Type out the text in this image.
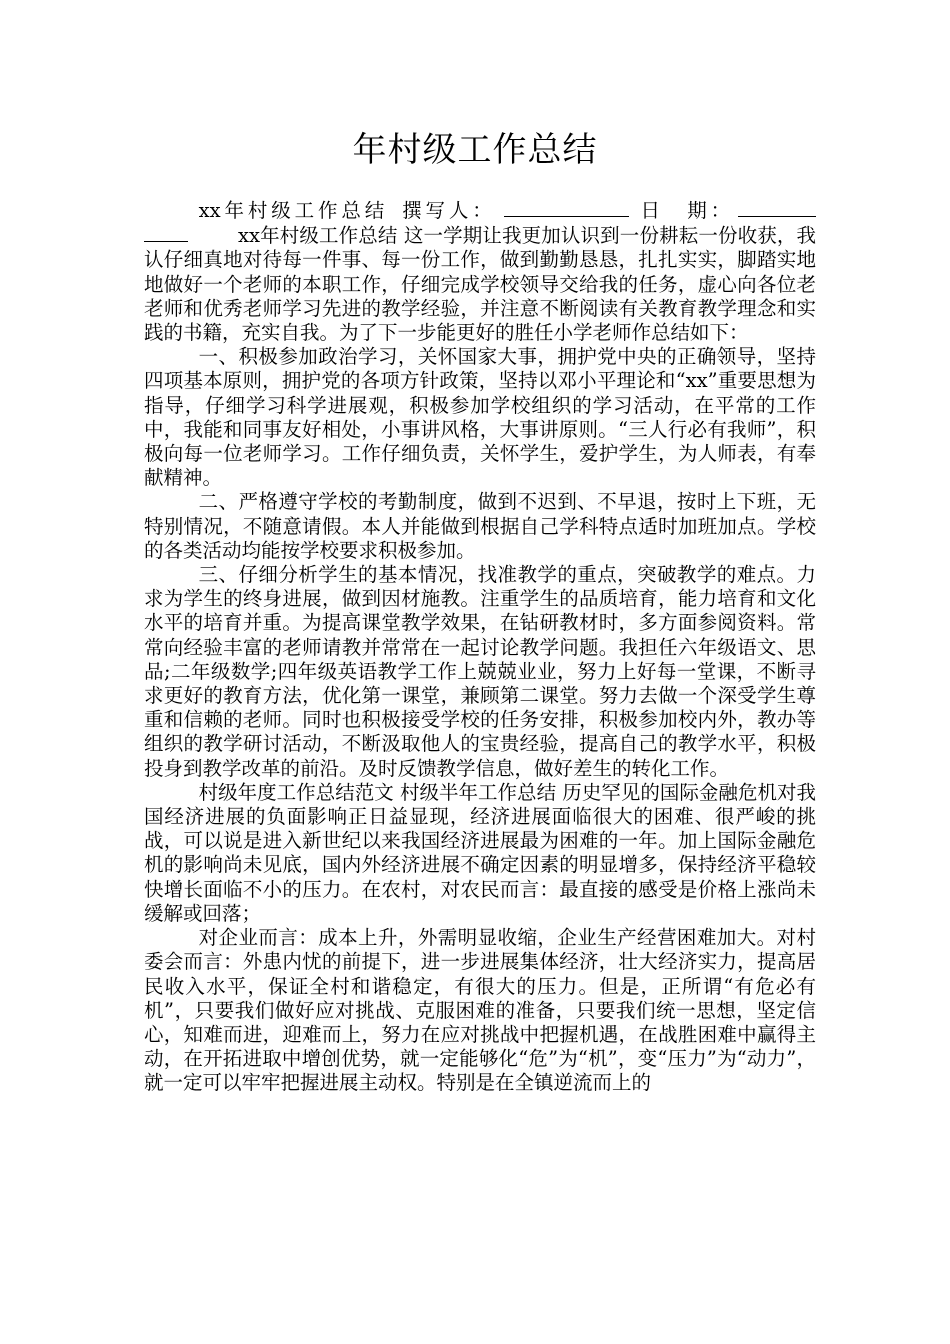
年村级工作总结

xx年村级工作总结 撰写人：	日　期：xx年村级工作总结 这一学期让我更加认识到一份耕耘一份收获，我认仔细真地对待每一件事、每一份工作，做到勤勤恳恳，扎扎实实，脚踏实地地做好一个老师的本职工作，仔细完成学校领导交给我的任务，虚心向各位老老师和优秀老师学习先进的教学经验，并注意不断阅读有关教育教学理念和实践的书籍，充实自我。为了下一步能更好的胜任小学老师作总结如下：

一、积极参加政治学习，关怀国家大事，拥护党中央的正确领导，坚持四项基本原则，拥护党的各项方针政策，坚持以邓小平理论和“xx”重要思想为指导，仔细学习科学进展观，积极参加学校组织的学习活动，在平常的工作中，我能和同事友好相处，小事讲风格，大事讲原则。“三人行必有我师”，积极向每一位老师学习。工作仔细负责，关怀学生，爱护学生，为人师表，有奉献精神。

二、严格遵守学校的考勤制度，做到不迟到、不早退，按时上下班，无特别情况，不随意请假。本人并能做到根据自己学科特点适时加班加点。学校的各类活动均能按学校要求积极参加。

三、仔细分析学生的基本情况，找准教学的重点，突破教学的难点。力求为学生的终身进展，做到因材施教。注重学生的品质培育，能力培育和文化水平的培育并重。为提高课堂教学效果，在钻研教材时，多方面参阅资料。常常向经验丰富的老师请教并常常在一起讨论教学问题。我担任六年级语文、思品;二年级数学;四年级英语教学工作上兢兢业业，努力上好每一堂课，不断寻求更好的教育方法，优化第一课堂，兼顾第二课堂。努力去做一个深受学生尊重和信赖的老师。同时也积极接受学校的任务安排，积极参加校内外，教办等组织的教学研讨活动，不断汲取他人的宝贵经验，提高自己的教学水平，积极投身到教学改革的前沿。及时反馈教学信息，做好差生的转化工作。

村级年度工作总结范文 村级半年工作总结 历史罕见的国际金融危机对我国经济进展的负面影响正日益显现，经济进展面临很大的困难、很严峻的挑战，可以说是进入新世纪以来我国经济进展最为困难的一年。加上国际金融危机的影响尚未见底，国内外经济进展不确定因素的明显增多，保持经济平稳较快增长面临不小的压力。在农村，对农民而言：最直接的感受是价格上涨尚未缓解或回落；

对企业而言：成本上升，外需明显收缩，企业生产经营困难加大。对村委会而言：外患内忧的前提下，进一步进展集体经济，壮大经济实力，提高居民收入水平，保证全村和谐稳定，有很大的压力。但是，正所谓“有危必有机”，只要我们做好应对挑战、克服困难的准备，只要我们统一思想，坚定信心，知难而进，迎难而上，努力在应对挑战中把握机遇，在战胜困难中赢得主动，在开拓进取中增创优势，就一定能够化“危”为“机”，变“压力”为“动力”，就一定可以牢牢把握进展主动权。特别是在全镇逆流而上的
